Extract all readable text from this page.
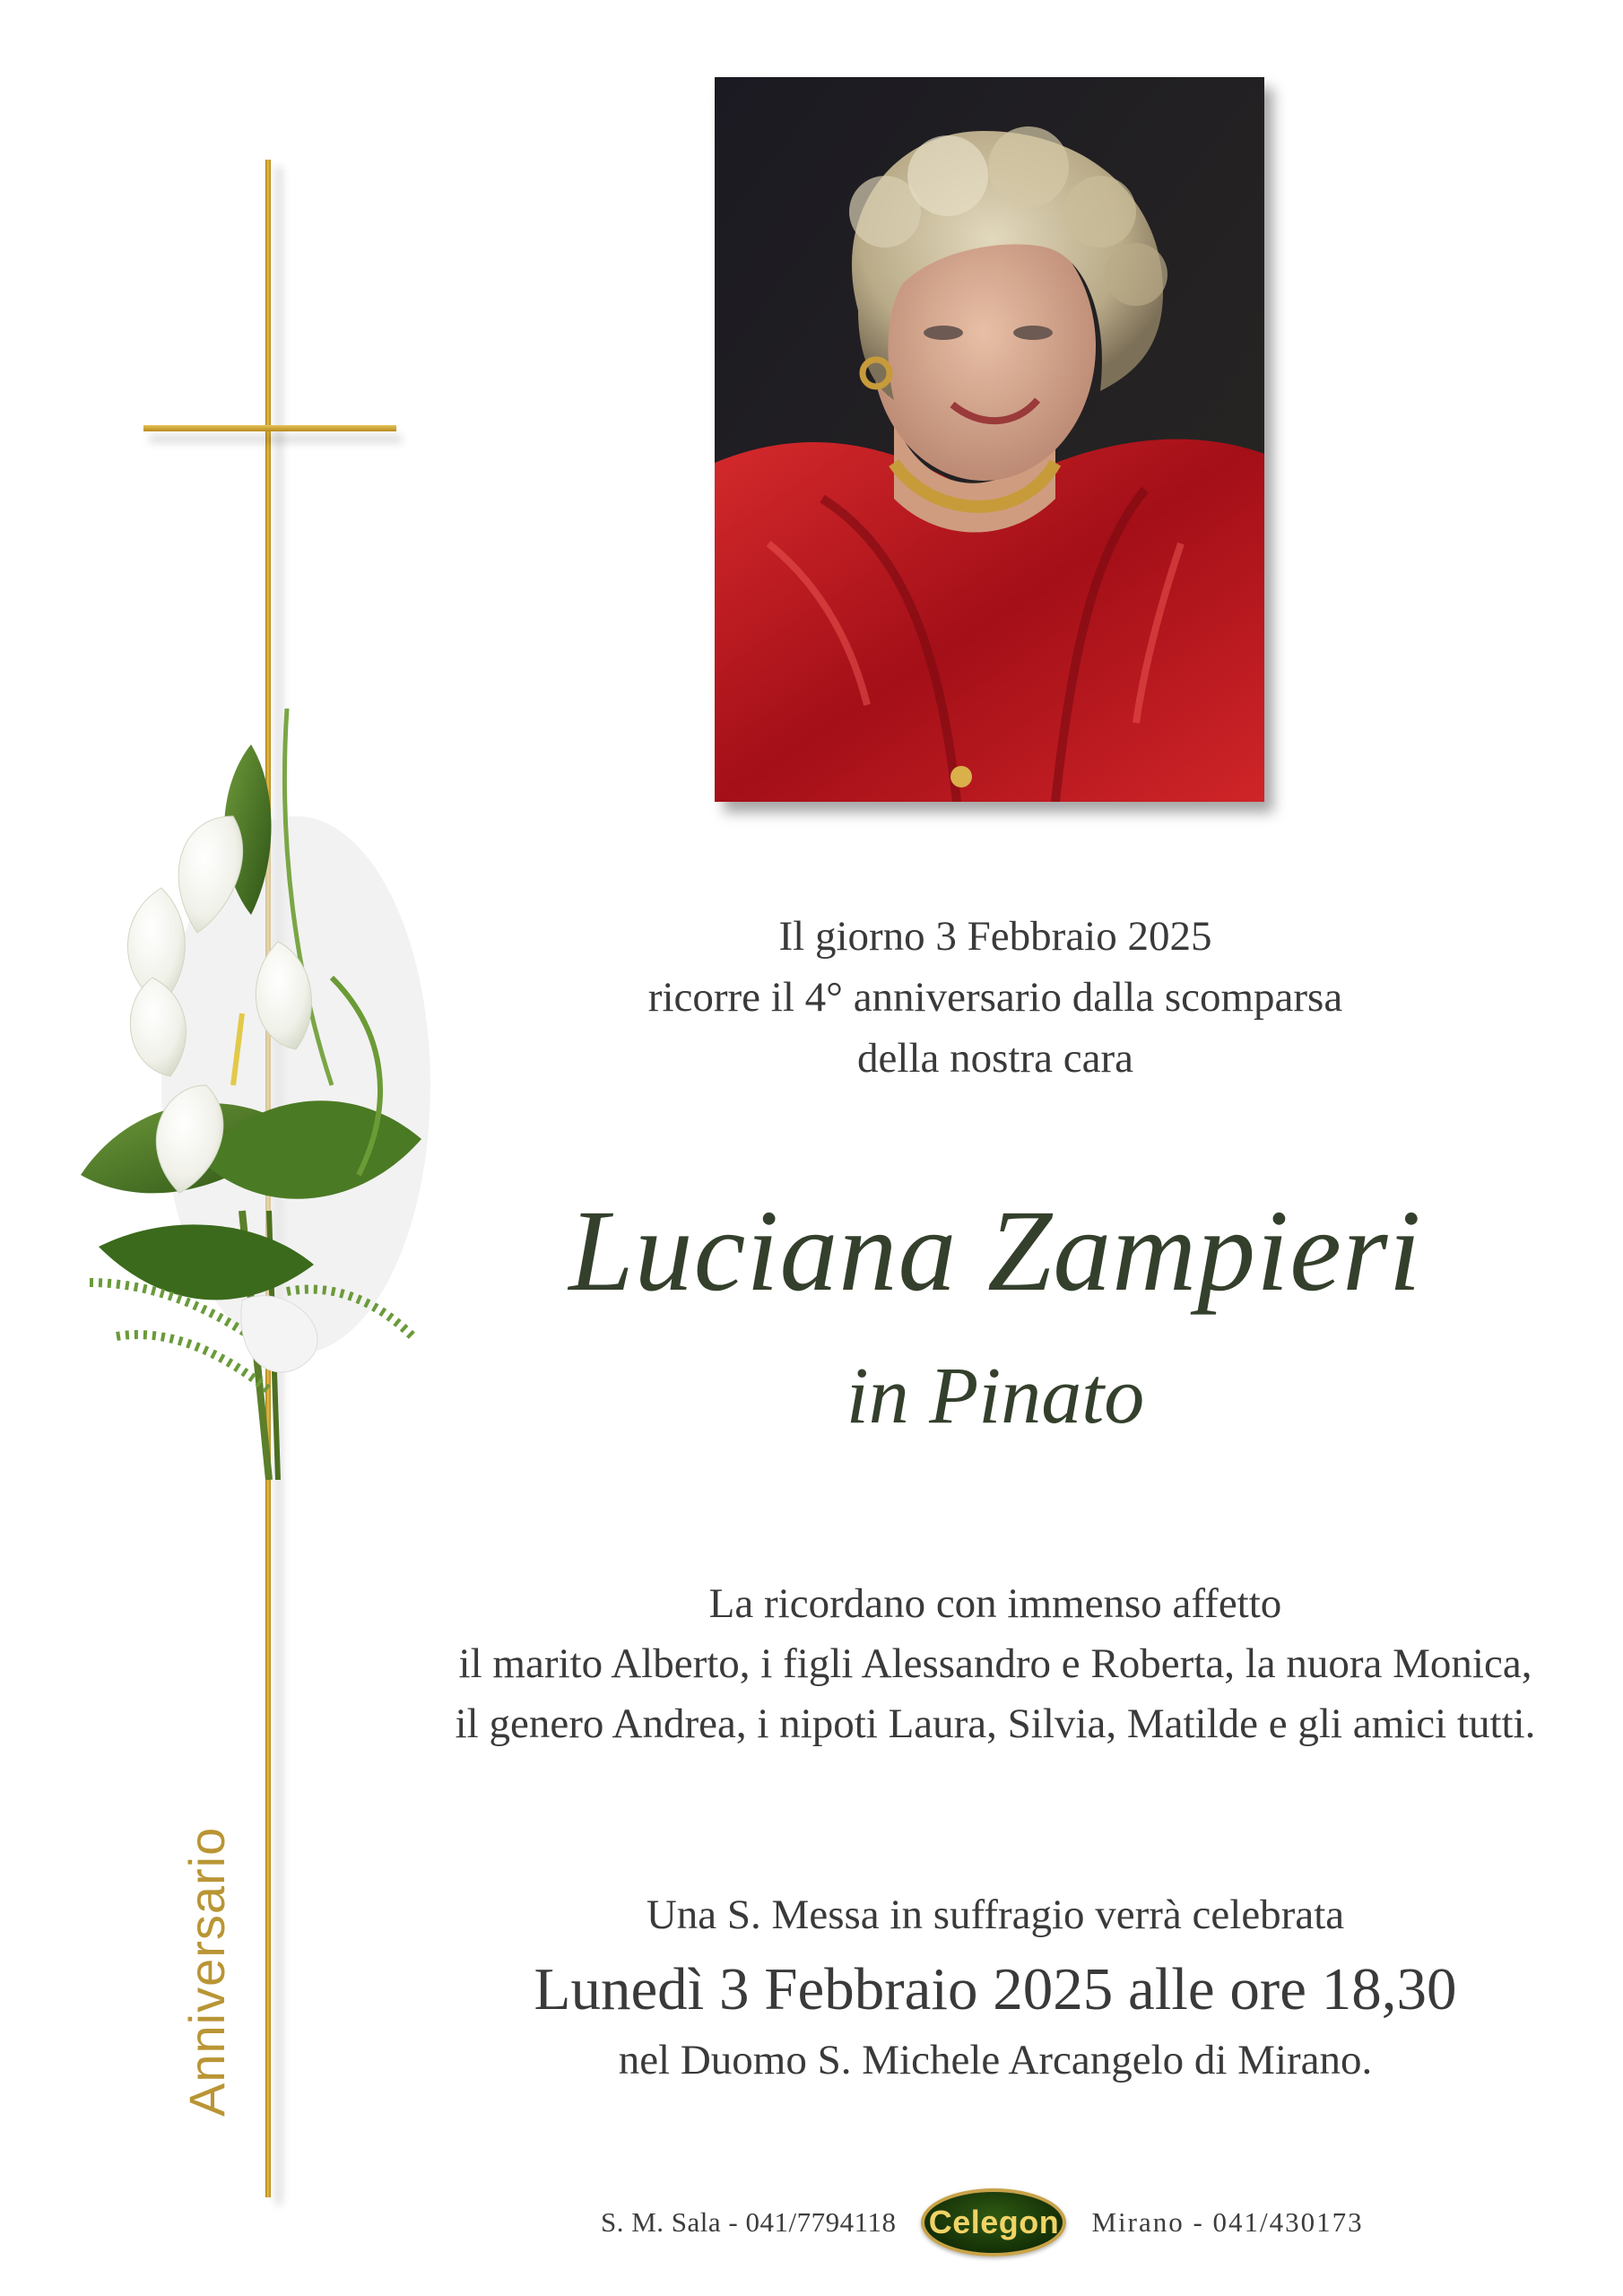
Anniversario
Il giorno 3 Febbraio 2025
ricorre il 4° anniversario dalla scomparsa
della nostra cara
Luciana Zampieri
in Pinato
La ricordano con immenso affetto
il marito Alberto, i figli Alessandro e Roberta, la nuora Monica,
il genero Andrea, i nipoti Laura, Silvia, Matilde e gli amici tutti.
Una S. Messa in suffragio verrà celebrata
Lunedì 3 Febbraio 2025 alle ore 18,30
nel Duomo S. Michele Arcangelo di Mirano.
S. M. Sala - 041/7794118 Celegon Mirano - 041/430173
